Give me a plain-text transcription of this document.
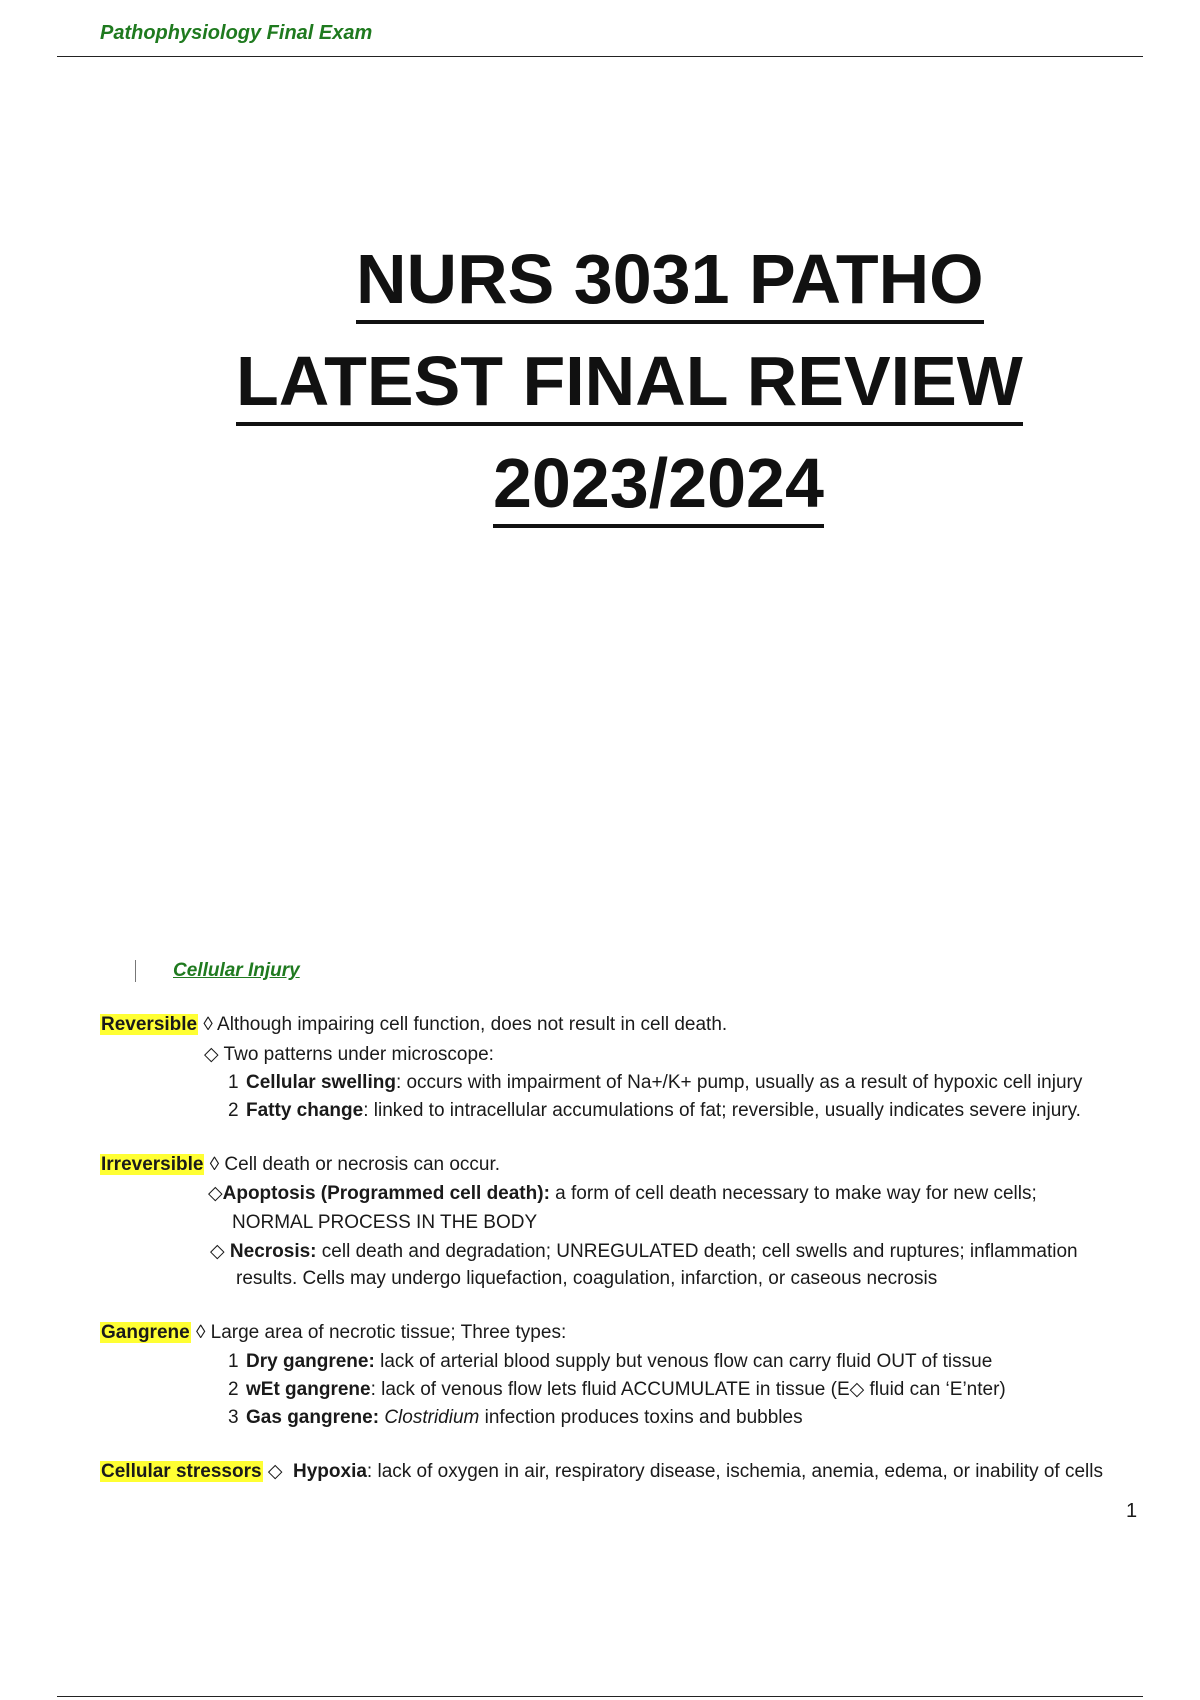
Pathophysiology Final Exam
NURS 3031 PATHO
LATEST FINAL REVIEW
2023/2024
Cellular Injury
Reversible ◊ Although impairing cell function, does not result in cell death.
◇ Two patterns under microscope:
1 Cellular swelling: occurs with impairment of Na+/K+ pump, usually as a result of hypoxic cell injury
2 Fatty change: linked to intracellular accumulations of fat; reversible, usually indicates severe injury.
Irreversible ◊ Cell death or necrosis can occur.
◇Apoptosis (Programmed cell death): a form of cell death necessary to make way for new cells;
NORMAL PROCESS IN THE BODY
◇ Necrosis: cell death and degradation; UNREGULATED death; cell swells and ruptures; inflammation
results. Cells may undergo liquefaction, coagulation, infarction, or caseous necrosis
Gangrene ◊ Large area of necrotic tissue; Three types:
1 Dry gangrene: lack of arterial blood supply but venous flow can carry fluid OUT of tissue
2 wEt gangrene: lack of venous flow lets fluid ACCUMULATE in tissue (E◇ fluid can ‘E’nter)
3 Gas gangrene: Clostridium infection produces toxins and bubbles
Cellular stressors ◇ Hypoxia: lack of oxygen in air, respiratory disease, ischemia, anemia, edema, or inability of cells
1
